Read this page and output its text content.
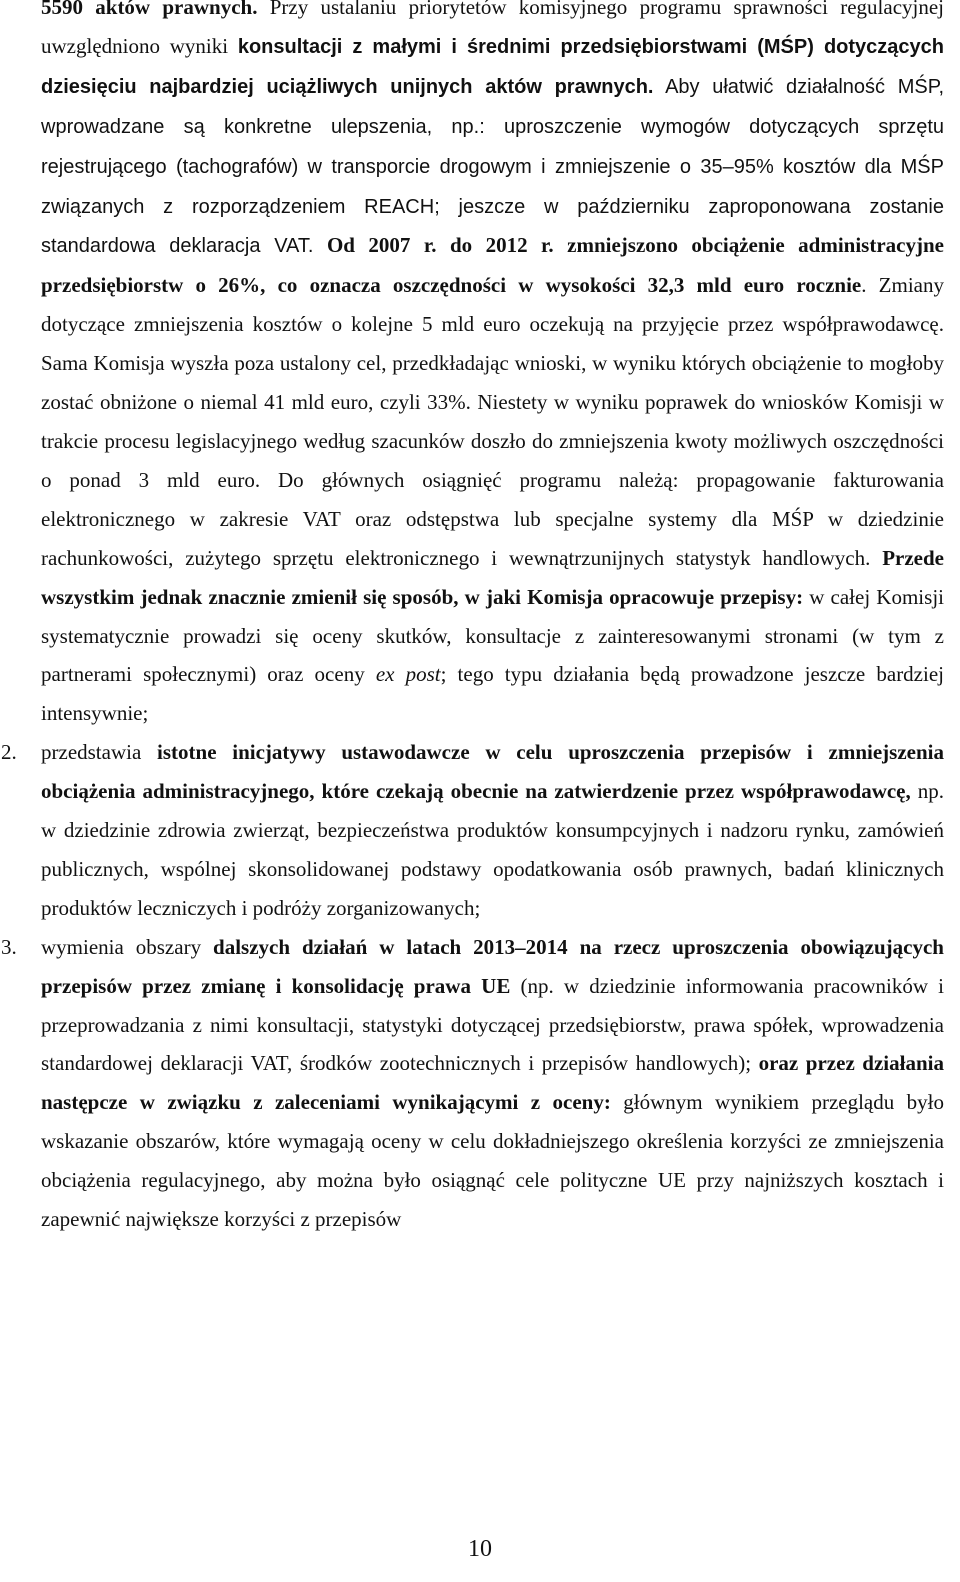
5590 aktów prawnych. Przy ustalaniu priorytetów komisyjnego programu sprawności regulacyjnej uwzględniono wyniki konsultacji z małymi i średnimi przedsiębiorstwami (MŚP) dotyczących dziesięciu najbardziej uciążliwych unijnych aktów prawnych. Aby ułatwić działalność MŚP, wprowadzane są konkretne ulepszenia, np.: uproszczenie wymogów dotyczących sprzętu rejestrującego (tachografów) w transporcie drogowym i zmniejszenie o 35–95% kosztów dla MŚP związanych z rozporządzeniem REACH; jeszcze w październiku zaproponowana zostanie standardowa deklaracja VAT. Od 2007 r. do 2012 r. zmniejszono obciążenie administracyjne przedsiębiorstw o 26%, co oznacza oszczędności w wysokości 32,3 mld euro rocznie. Zmiany dotyczące zmniejszenia kosztów o kolejne 5 mld euro oczekują na przyjęcie przez współprawodawcę. Sama Komisja wyszła poza ustalony cel, przedkładając wnioski, w wyniku których obciążenie to mogłoby zostać obniżone o niemal 41 mld euro, czyli 33%. Niestety w wyniku poprawek do wniosków Komisji w trakcie procesu legislacyjnego według szacunków doszło do zmniejszenia kwoty możliwych oszczędności o ponad 3 mld euro. Do głównych osiągnięć programu należą: propagowanie fakturowania elektronicznego w zakresie VAT oraz odstępstwa lub specjalne systemy dla MŚP w dziedzinie rachunkowości, zużytego sprzętu elektronicznego i wewnątrzunijnych statystyk handlowych. Przede wszystkim jednak znacznie zmienił się sposób, w jaki Komisja opracowuje przepisy: w całej Komisji systematycznie prowadzi się oceny skutków, konsultacje z zainteresowanymi stronami (w tym z partnerami społecznymi) oraz oceny ex post; tego typu działania będą prowadzone jeszcze bardziej intensywnie;

2. przedstawia istotne inicjatywy ustawodawcze w celu uproszczenia przepisów i zmniejszenia obciążenia administracyjnego, które czekają obecnie na zatwierdzenie przez współprawodawcę, np. w dziedzinie zdrowia zwierząt, bezpieczeństwa produktów konsumpcyjnych i nadzoru rynku, zamówień publicznych, wspólnej skonsolidowanej podstawy opodatkowania osób prawnych, badań klinicznych produktów leczniczych i podróży zorganizowanych;

3. wymienia obszary dalszych działań w latach 2013–2014 na rzecz uproszczenia obowiązujących przepisów przez zmianę i konsolidację prawa UE (np. w dziedzinie informowania pracowników i przeprowadzania z nimi konsultacji, statystyki dotyczącej przedsiębiorstw, prawa spółek, wprowadzenia standardowej deklaracji VAT, środków zootechnicznych i przepisów handlowych); oraz przez działania następcze w związku z zaleceniami wynikającymi z oceny: głównym wynikiem przeglądu było wskazanie obszarów, które wymagają oceny w celu dokładniejszego określenia korzyści ze zmniejszenia obciążenia regulacyjnego, aby można było osiągnąć cele polityczne UE przy najniższych kosztach i zapewnić największe korzyści z przepisów

10
